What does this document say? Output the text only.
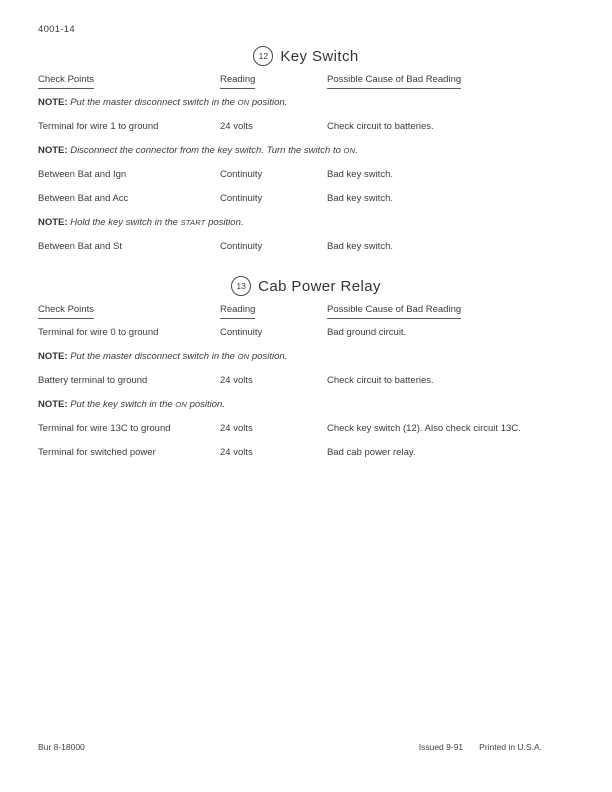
4001-14
12 Key Switch
Check Points	Reading	Possible Cause of Bad Reading
NOTE: Put the master disconnect switch in the ON position.
Terminal for wire 1 to ground	24 volts	Check circuit to batteries.
NOTE: Disconnect the connector from the key switch. Turn the switch to ON.
Between Bat and Ign	Continuity	Bad key switch.
Between Bat and Acc	Continuity	Bad key switch.
NOTE: Hold the key switch in the START position.
Between Bat and St	Continuity	Bad key switch.
13 Cab Power Relay
Check Points	Reading	Possible Cause of Bad Reading
Terminal for wire 0 to ground	Continuity	Bad ground circuit.
NOTE: Put the master disconnect switch in the ON position.
Battery terminal to ground	24 volts	Check circuit to batteries.
NOTE: Put the key switch in the ON position.
Terminal for wire 13C to ground	24 volts	Check key switch (12). Also check circuit 13C.
Terminal for switched power	24 volts	Bad cab power relay.
Bur 8-18000	Issued 9-91 Printed in U.S.A.
